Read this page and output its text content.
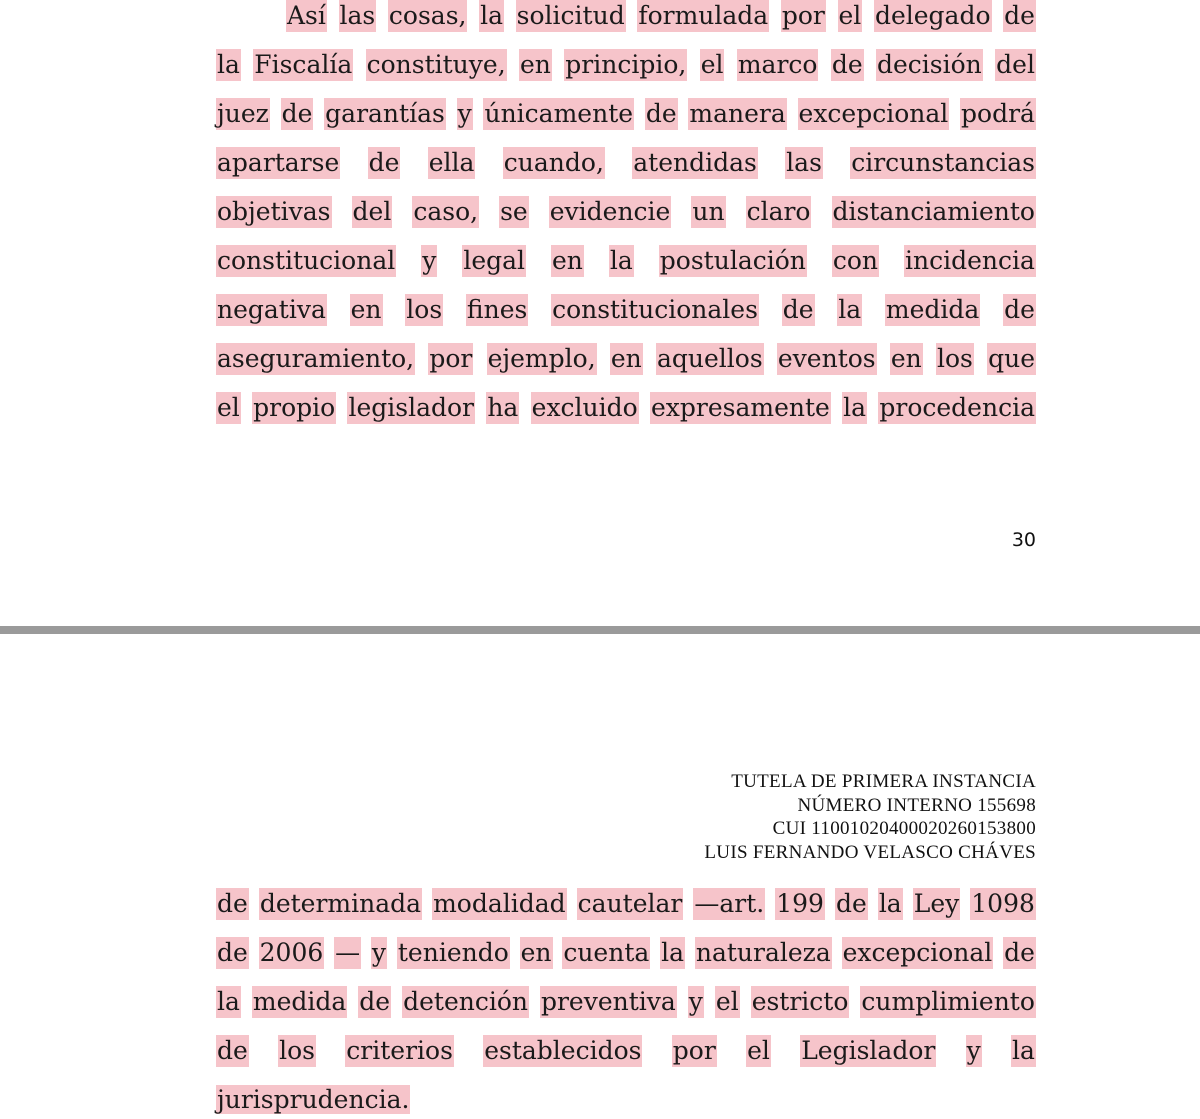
Así las cosas, la solicitud formulada por el delegado de
la Fiscalía constituye, en principio, el marco de decisión del
juez de garantías y únicamente de manera excepcional podrá
apartarse de ella cuando, atendidas las circunstancias
objetivas del caso, se evidencie un claro distanciamiento
constitucional y legal en la postulación con incidencia
negativa en los fines constitucionales de la medida de
aseguramiento, por ejemplo, en aquellos eventos en los que
el propio legislador ha excluido expresamente la procedencia
30
TUTELA DE PRIMERA INSTANCIA
NÚMERO INTERNO 155698
CUI 11001020400020260153800
LUIS FERNANDO VELASCO CHÁVES
de determinada modalidad cautelar —art. 199 de la Ley 1098
de 2006 — y teniendo en cuenta la naturaleza excepcional de
la medida de detención preventiva y el estricto cumplimiento
de los criterios establecidos por el Legislador y la
jurisprudencia.
